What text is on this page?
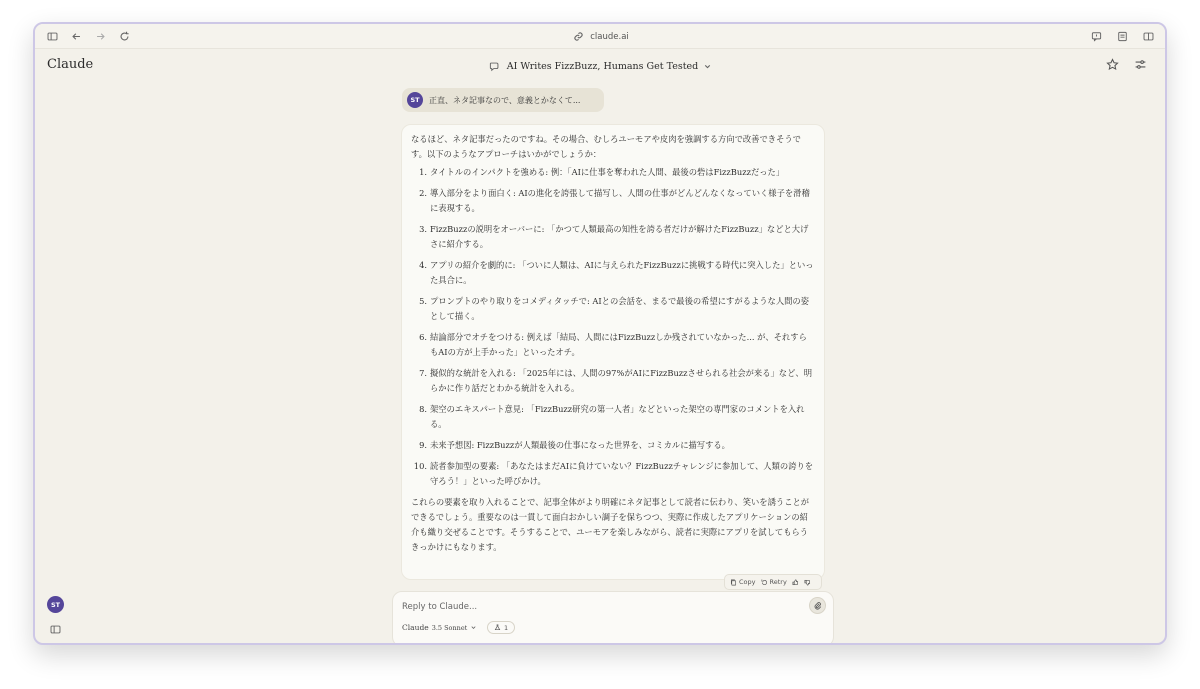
claude.ai
Claude	AI Writes FizzBuzz, Humans Get Tested
ST	正直、ネタ記事なので、意義とかなくて...

なるほど、ネタ記事だったのですね。その場合、むしろユーモアや皮肉を強調する方向で改善できそうです。以下のようなアプローチはいかがでしょうか：

1. タイトルのインパクトを強める: 例：「AIに仕事を奪われた人間、最後の砦はFizzBuzzだった」
2. 導入部分をより面白く: AIの進化を誇張して描写し、人間の仕事がどんどんなくなっていく様子を滑稽に表現する。
3. FizzBuzzの説明をオーバーに: 「かつて人類最高の知性を誇る者だけが解けたFizzBuzz」などと大げさに紹介する。
4. アプリの紹介を劇的に: 「ついに人類は、AIに与えられたFizzBuzzに挑戦する時代に突入した」といった具合に。
5. プロンプトのやり取りをコメディタッチで: AIとの会話を、まるで最後の希望にすがるような人間の姿として描く。
6. 結論部分でオチをつける: 例えば「結局、人間にはFizzBuzzしか残されていなかった... が、それすらもAIの方が上手かった」といったオチ。
7. 擬似的な統計を入れる: 「2025年には、人間の97%がAIにFizzBuzzさせられる社会が来る」など、明らかに作り話だとわかる統計を入れる。
8. 架空のエキスパート意見: 「FizzBuzz研究の第一人者」などといった架空の専門家のコメントを入れる。
9. 未来予想図: FizzBuzzが人類最後の仕事になった世界を、コミカルに描写する。
10. 読者参加型の要素: 「あなたはまだAIに負けていない？FizzBuzzチャレンジに参加して、人類の誇りを守ろう！」といった呼びかけ。

これらの要素を取り入れることで、記事全体がより明確にネタ記事として読者に伝わり、笑いを誘うことができるでしょう。重要なのは一貫して面白おかしい調子を保ちつつ、実際に作成したアプリケーションの紹介も織り交ぜることです。そうすることで、ユーモアを楽しみながら、読者に実際にアプリを試してもらうきっかけにもなります。

Copy Retry
Reply to Claude...
Claude 3.5 Sonnet	1
ST
